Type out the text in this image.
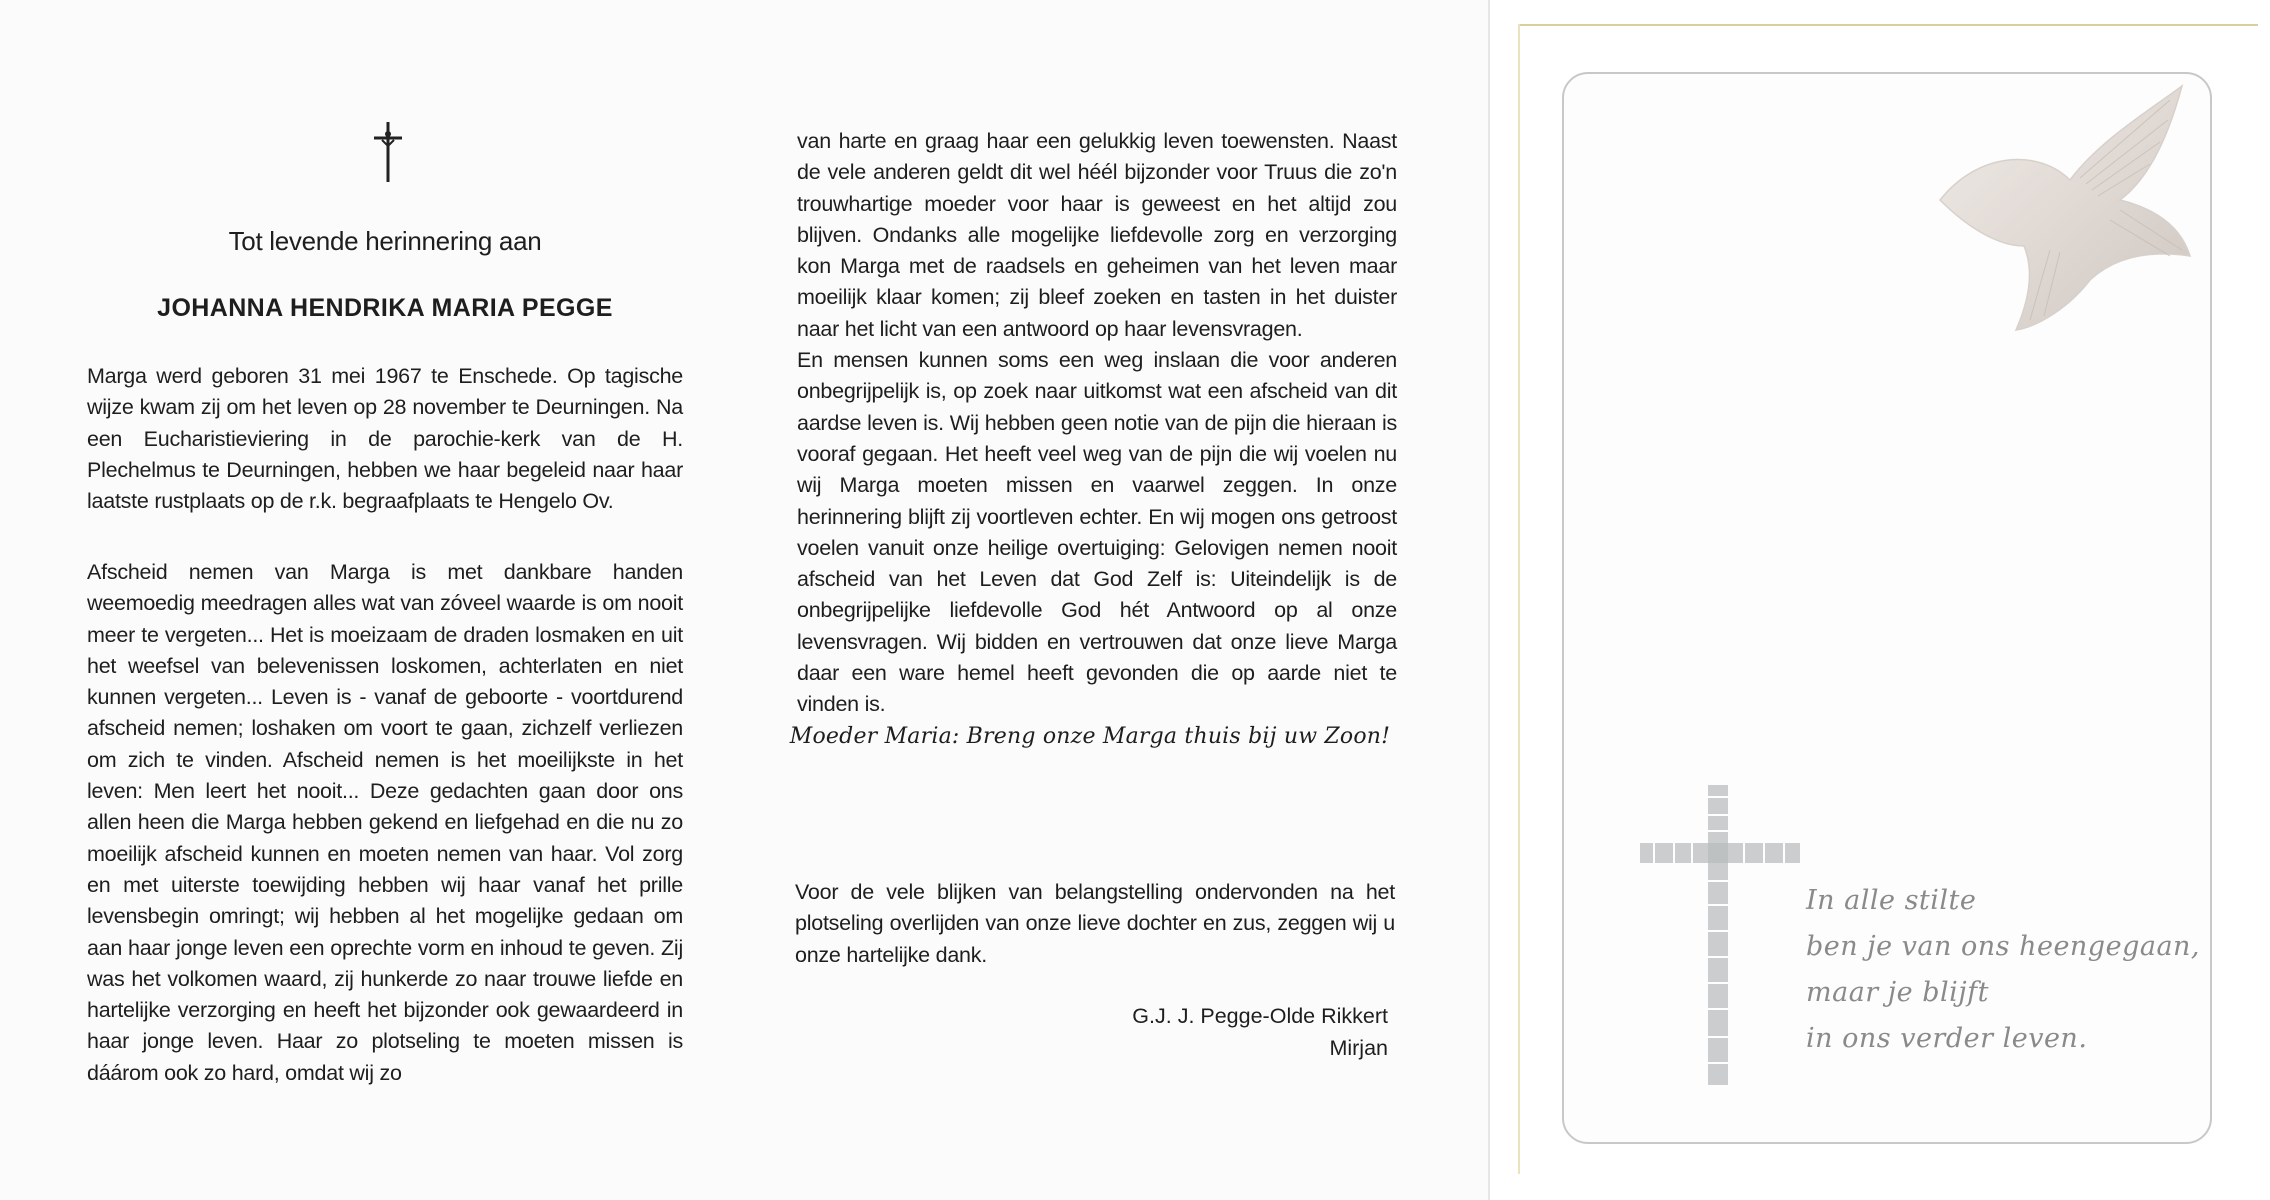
Tot levende herinnering aan
JOHANNA HENDRIKA MARIA PEGGE

Marga werd geboren 31 mei 1967 te Enschede. Op tagische wijze kwam zij om het leven op 28 november te Deurningen. Na een Eucharistieviering in de parochie-kerk van de H. Plechelmus te Deurningen, hebben we haar begeleid naar haar laatste rustplaats op de r.k. begraafplaats te Hengelo Ov.

Afscheid nemen van Marga is met dankbare handen weemoedig meedragen alles wat van zóveel waarde is om nooit meer te vergeten... Het is moeizaam de draden losmaken en uit het weefsel van belevenissen loskomen, achterlaten en niet kunnen vergeten... Leven is - vanaf de geboorte - voortdurend afscheid nemen; loshaken om voort te gaan, zichzelf verliezen om zich te vinden. Afscheid nemen is het moeilijkste in het leven: Men leert het nooit... Deze gedachten gaan door ons allen heen die Marga hebben gekend en liefgehad en die nu zo moeilijk afscheid kunnen en moeten nemen van haar. Vol zorg en met uiterste toewijding hebben wij haar vanaf het prille levensbegin omringt; wij hebben al het mogelijke gedaan om aan haar jonge leven een oprechte vorm en inhoud te geven. Zij was het volkomen waard, zij hunkerde zo naar trouwe liefde en hartelijke verzorging en heeft het bijzonder ook gewaardeerd in haar jonge leven. Haar zo plotseling te moeten missen is dáárom ook zo hard, omdat wij zo

van harte en graag haar een gelukkig leven toewensten. Naast de vele anderen geldt dit wel héél bijzonder voor Truus die zo'n trouwhartige moeder voor haar is geweest en het altijd zou blijven. Ondanks alle mogelijke liefdevolle zorg en verzorging kon Marga met de raadsels en geheimen van het leven maar moeilijk klaar komen; zij bleef zoeken en tasten in het duister naar het licht van een antwoord op haar levensvragen.
En mensen kunnen soms een weg inslaan die voor anderen onbegrijpelijk is, op zoek naar uitkomst wat een afscheid van dit aardse leven is. Wij hebben geen notie van de pijn die hieraan is vooraf gegaan. Het heeft veel weg van de pijn die wij voelen nu wij Marga moeten missen en vaarwel zeggen. In onze herinnering blijft zij voortleven echter. En wij mogen ons getroost voelen vanuit onze heilige overtuiging: Gelovigen nemen nooit afscheid van het Leven dat God Zelf is: Uiteindelijk is de onbegrijpelijke liefdevolle God hét Antwoord op al onze levensvragen. Wij bidden en vertrouwen dat onze lieve Marga daar een ware hemel heeft gevonden die op aarde niet te vinden is.
Moeder Maria: Breng onze Marga thuis bij uw Zoon!

Voor de vele blijken van belangstelling ondervonden na het plotseling overlijden van onze lieve dochter en zus, zeggen wij u onze hartelijke dank.

G.J. J. Pegge-Olde Rikkert
Mirjan
In alle stilte
ben je van ons heengegaan,
maar je blijft
in ons verder leven.
